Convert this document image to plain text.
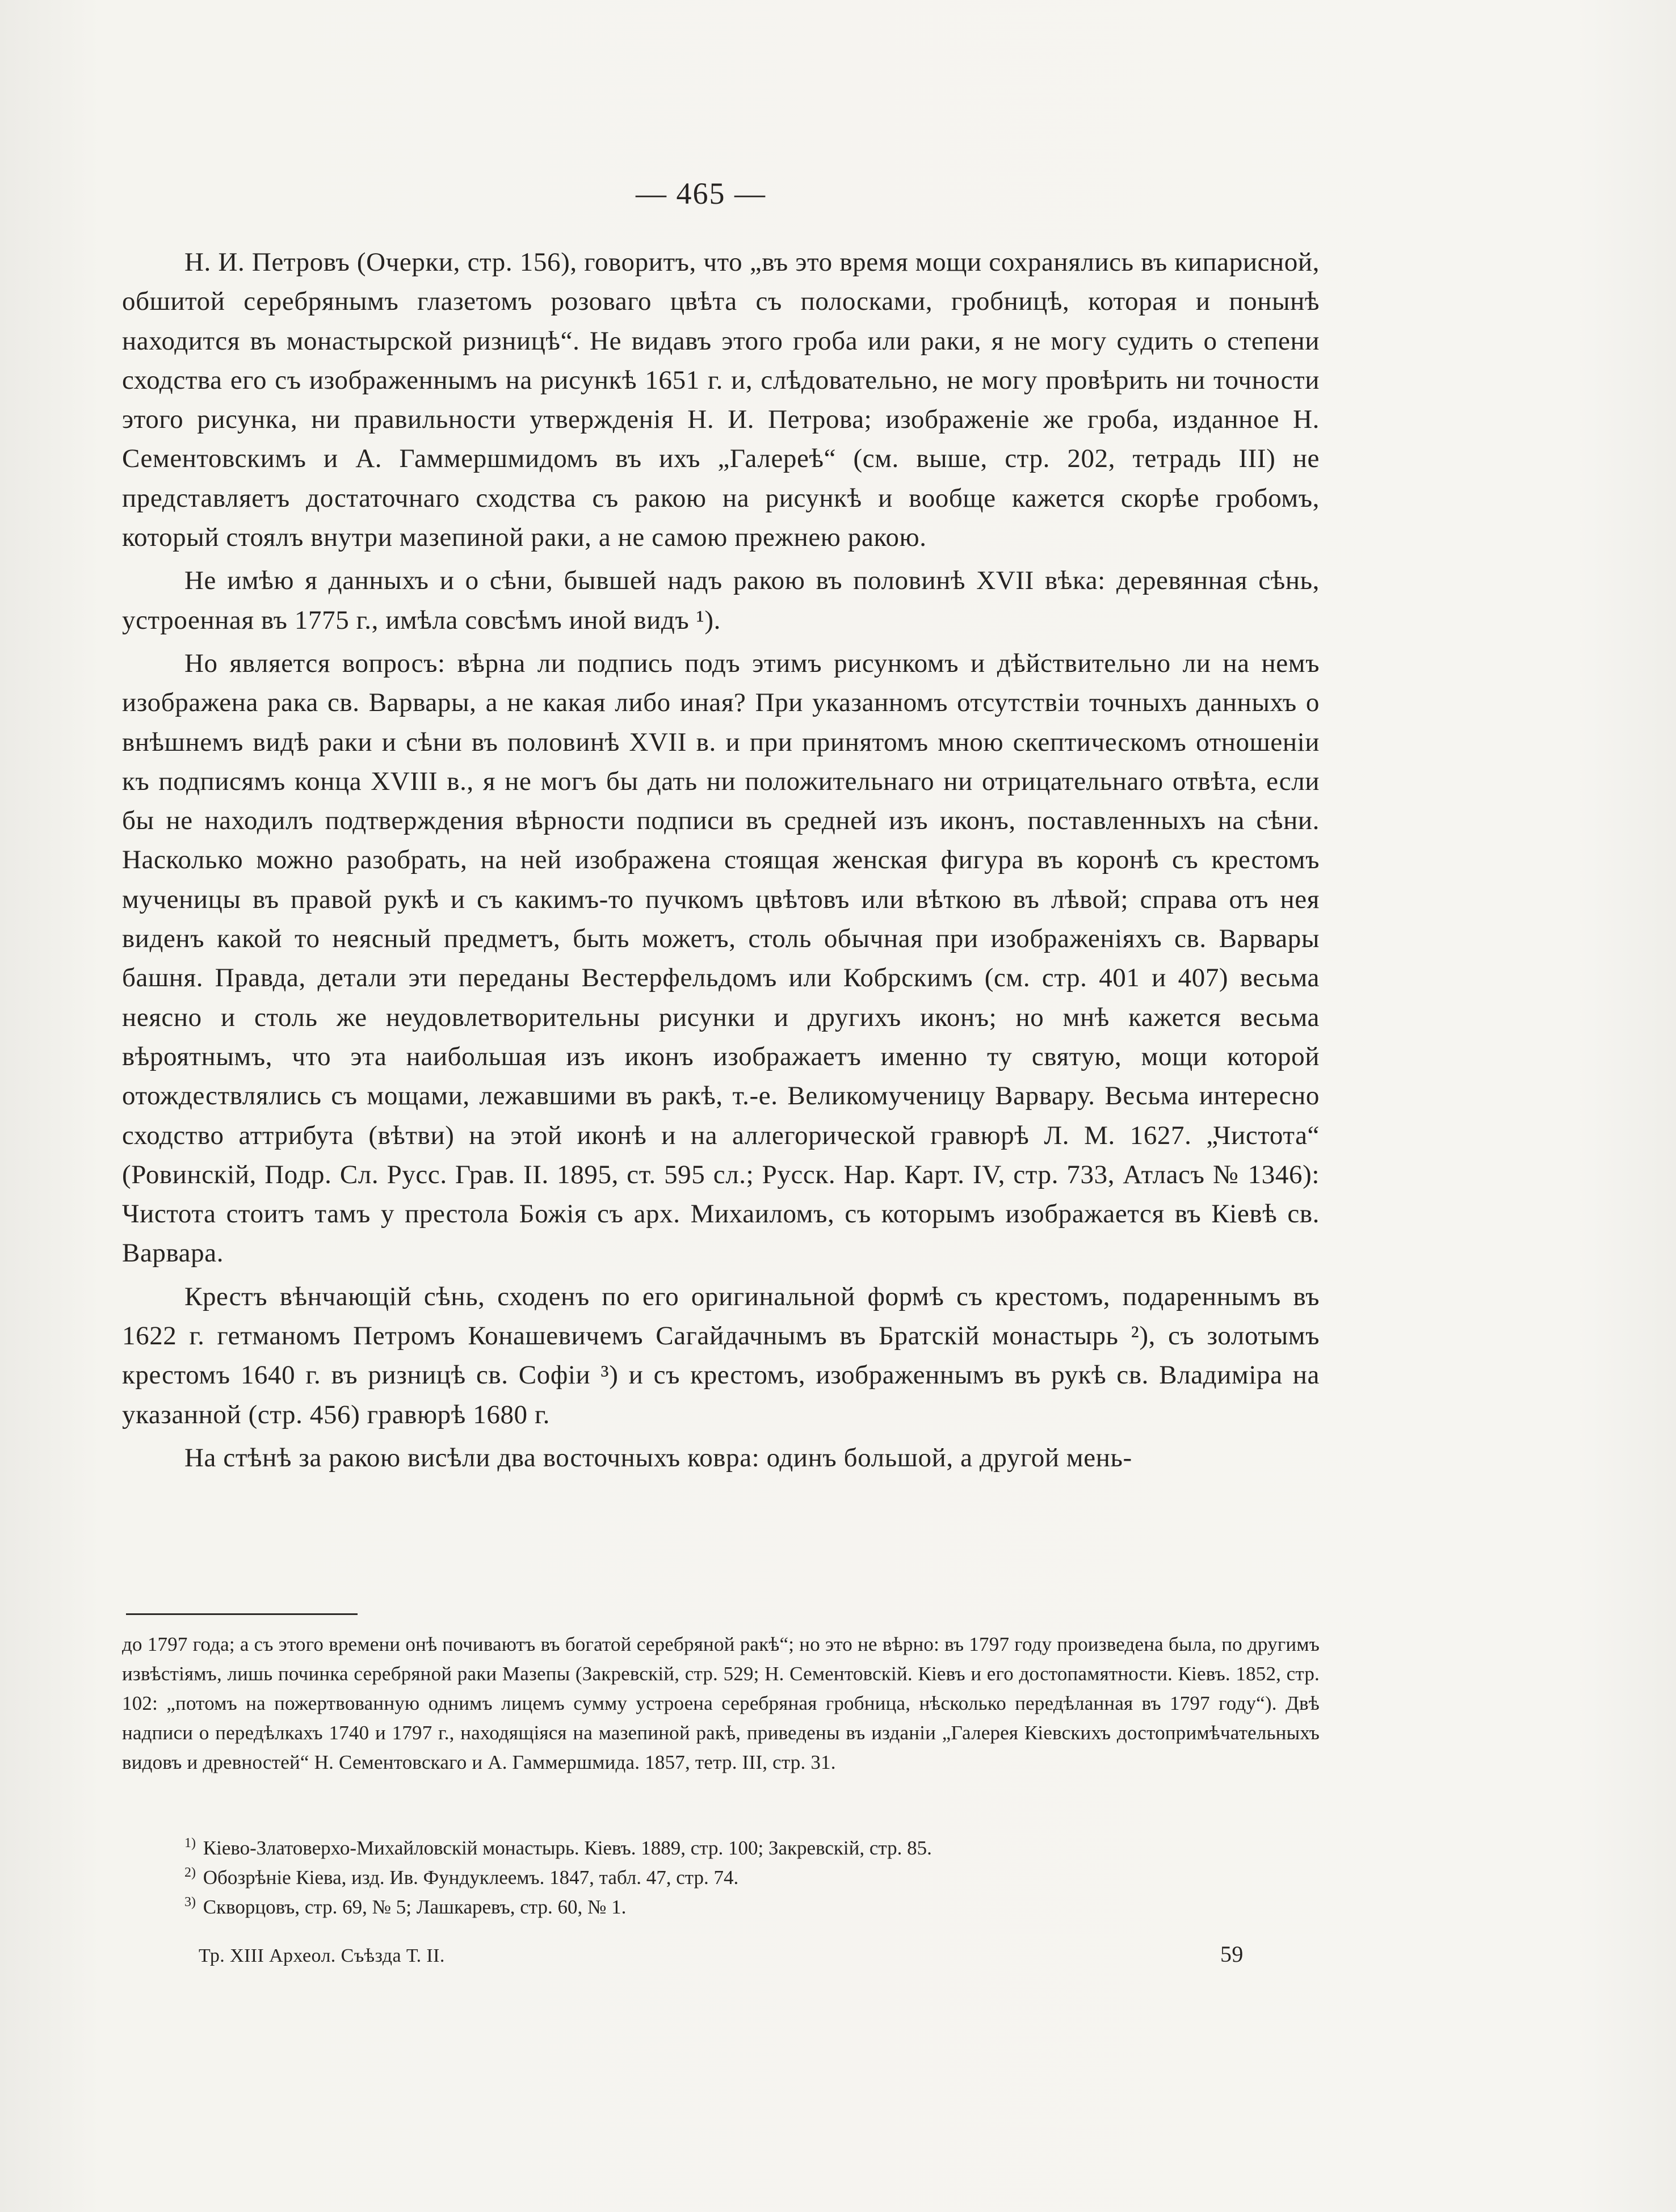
— 465 —

Н. И. Петровъ (Очерки, стр. 156), говоритъ, что „въ это время мощи сохранялись въ кипарисной, обшитой серебрянымъ глазетомъ розоваго цвѣта съ полосками, гробницѣ, которая и понынѣ находится въ монастырской ризницѣ“. Не видавъ этого гроба или раки, я не могу судить о степени сходства его съ изображеннымъ на рисункѣ 1651 г. и, слѣдовательно, не могу провѣрить ни точности этого рисунка, ни правильности утвержденія Н. И. Петрова; изображеніе же гроба, изданное Н. Сементовскимъ и А. Гаммершмидомъ въ ихъ „Галереѣ“ (см. выше, стр. 202, тетрадь III) не представляетъ достаточнаго сходства съ ракою на рисункѣ и вообще кажется скорѣе гробомъ, который стоялъ внутри мазепиной раки, а не самою прежнею ракою.

Не имѣю я данныхъ и о сѣни, бывшей надъ ракою въ половинѣ XVII вѣка: деревянная сѣнь, устроенная въ 1775 г., имѣла совсѣмъ иной видъ ¹).

Но является вопросъ: вѣрна ли подпись подъ этимъ рисункомъ и дѣйствительно ли на немъ изображена рака св. Варвары, а не какая либо иная? При указанномъ отсутствіи точныхъ данныхъ о внѣшнемъ видѣ раки и сѣни въ половинѣ XVII в. и при принятомъ мною скептическомъ отношеніи къ подписямъ конца XVIII в., я не могъ бы дать ни положительнаго ни отрицательнаго отвѣта, если бы не находилъ подтверждения вѣрности подписи въ средней изъ иконъ, поставленныхъ на сѣни. Насколько можно разобрать, на ней изображена стоящая женская фигура въ коронѣ съ крестомъ мученицы въ правой рукѣ и съ какимъ-то пучкомъ цвѣтовъ или вѣткою въ лѣвой; справа отъ нея виденъ какой то неясный предметъ, быть можетъ, столь обычная при изображеніяхъ св. Варвары башня. Правда, детали эти переданы Вестерфельдомъ или Кобрскимъ (см. стр. 401 и 407) весьма неясно и столь же неудовлетворительны рисунки и другихъ иконъ; но мнѣ кажется весьма вѣроятнымъ, что эта наибольшая изъ иконъ изображаетъ именно ту святую, мощи которой отождествлялись съ мощами, лежавшими въ ракѣ, т.-е. Великомученицу Варвару. Весьма интересно сходство аттрибута (вѣтви) на этой иконѣ и на аллегорической гравюрѣ Л. М. 1627. „Чистота“ (Ровинскій, Подр. Сл. Русс. Грав. II. 1895, ст. 595 сл.; Русск. Нар. Карт. IV, стр. 733, Атласъ № 1346): Чистота стоитъ тамъ у престола Божія съ арх. Михаиломъ, съ которымъ изображается въ Кіевѣ св. Варвара.

Крестъ вѣнчающій сѣнь, сходенъ по его оригинальной формѣ съ крестомъ, подареннымъ въ 1622 г. гетманомъ Петромъ Конашевичемъ Сагайдачнымъ въ Братскій монастырь ²), съ золотымъ крестомъ 1640 г. въ ризницѣ св. Софіи ³) и съ крестомъ, изображеннымъ въ рукѣ св. Владиміра на указанной (стр. 456) гравюрѣ 1680 г.

На стѣнѣ за ракою висѣли два восточныхъ ковра: одинъ большой, а другой мень-

до 1797 года; а съ этого времени онѣ почиваютъ въ богатой серебряной ракѣ“; но это не вѣрно: въ 1797 году произведена была, по другимъ извѣстіямъ, лишь починка серебряной раки Мазепы (Закревскій, стр. 529; Н. Сементовскій. Кіевъ и его достопамятности. Кіевъ. 1852, стр. 102: „потомъ на пожертвованную однимъ лицемъ сумму устроена серебряная гробница, нѣсколько передѣланная въ 1797 году“). Двѣ надписи о передѣлкахъ 1740 и 1797 г., находящіяся на мазепиной ракѣ, приведены въ изданіи „Галерея Кіевскихъ достопримѣчательныхъ видовъ и древностей“ Н. Сементовскаго и А. Гаммершмида. 1857, тетр. III, стр. 31.

$^{1)}$ Кіево-Златоверхо-Михайловскій монастырь. Кіевъ. 1889, стр. 100; Закревскій, стр. 85.

$^{2)}$ Обозрѣніе Кіева, изд. Ив. Фундуклеемъ. 1847, табл. 47, стр. 74.

$^{3)}$ Скворцовъ, стр. 69, № 5; Лашкаревъ, стр. 60, № 1.

Тр. XIII Археол. Съѣзда Т. II.	59
